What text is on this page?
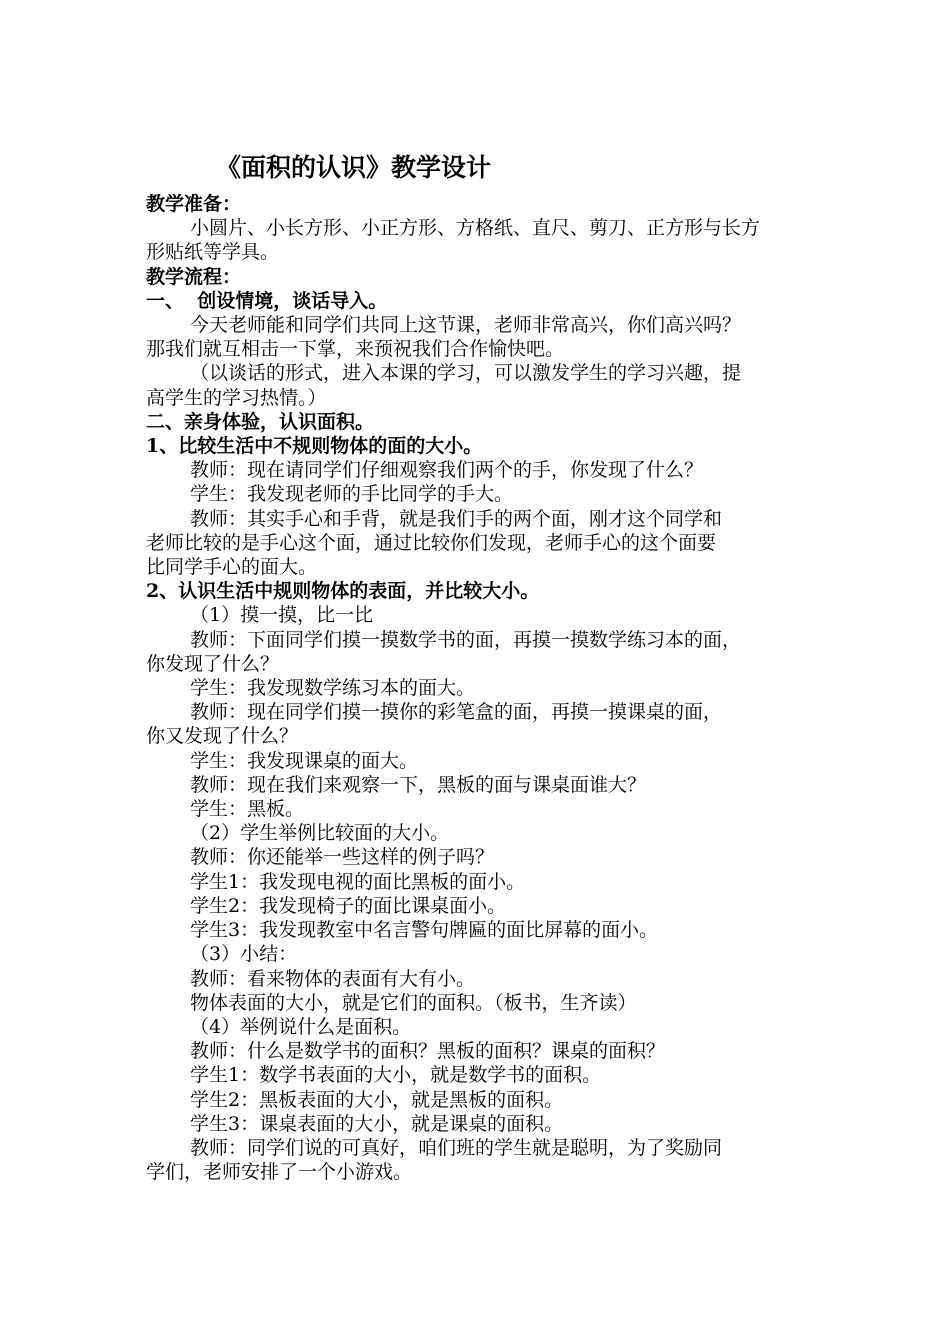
《面积的认识》教学设计
教学准备：
小圆片、小长方形、小正方形、方格纸、直尺、剪刀、正方形与长方
形贴纸等学具。
教学流程：
一、  创设情境，谈话导入。
今天老师能和同学们共同上这节课，老师非常高兴，你们高兴吗？
那我们就互相击一下掌，来预祝我们合作愉快吧。
（以谈话的形式，进入本课的学习，可以激发学生的学习兴趣，提
高学生的学习热情。）
二、亲身体验，认识面积。
1、比较生活中不规则物体的面的大小。
教师：现在请同学们仔细观察我们两个的手，你发现了什么？
学生：我发现老师的手比同学的手大。
教师：其实手心和手背，就是我们手的两个面，刚才这个同学和
老师比较的是手心这个面，通过比较你们发现，老师手心的这个面要
比同学手心的面大。
2、认识生活中规则物体的表面，并比较大小。
（1）摸一摸，比一比
教师：下面同学们摸一摸数学书的面，再摸一摸数学练习本的面，
你发现了什么？
学生：我发现数学练习本的面大。
教师：现在同学们摸一摸你的彩笔盒的面，再摸一摸课桌的面，
你又发现了什么？
学生：我发现课桌的面大。
教师：现在我们来观察一下，黑板的面与课桌面谁大？
学生：黑板。
（2）学生举例比较面的大小。
教师：你还能举一些这样的例子吗？
学生1：我发现电视的面比黑板的面小。
学生2：我发现椅子的面比课桌面小。
学生3：我发现教室中名言警句牌匾的面比屏幕的面小。
（3）小结：
教师：看来物体的表面有大有小。
物体表面的大小，就是它们的面积。（板书，生齐读）
（4）举例说什么是面积。
教师：什么是数学书的面积？黑板的面积？课桌的面积？
学生1：数学书表面的大小，就是数学书的面积。
学生2：黑板表面的大小，就是黑板的面积。
学生3：课桌表面的大小，就是课桌的面积。
教师：同学们说的可真好，咱们班的学生就是聪明，为了奖励同
学们，老师安排了一个小游戏。
